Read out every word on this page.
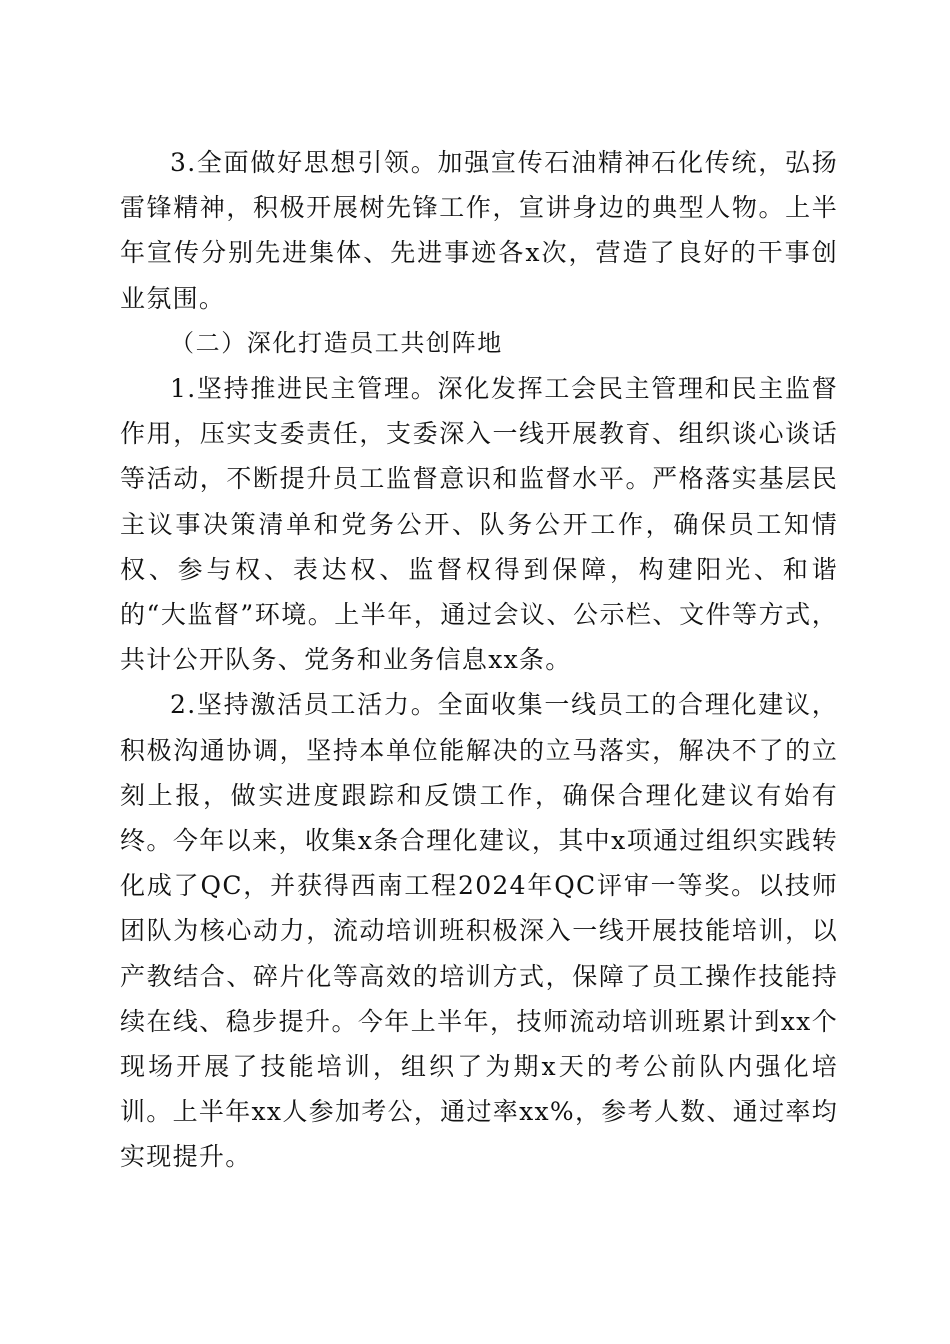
3.全面做好思想引领。加强宣传石油精神石化传统，弘扬雷锋精神，积极开展树先锋工作，宣讲身边的典型人物。上半年宣传分别先进集体、先进事迹各x次，营造了良好的干事创业氛围。

（二）深化打造员工共创阵地

1.坚持推进民主管理。深化发挥工会民主管理和民主监督作用，压实支委责任，支委深入一线开展教育、组织谈心谈话等活动，不断提升员工监督意识和监督水平。严格落实基层民主议事决策清单和党务公开、队务公开工作，确保员工知情权、参与权、表达权、监督权得到保障，构建阳光、和谐的“大监督”环境。上半年，通过会议、公示栏、文件等方式，共计公开队务、党务和业务信息xx条。

2.坚持激活员工活力。全面收集一线员工的合理化建议，积极沟通协调，坚持本单位能解决的立马落实，解决不了的立刻上报，做实进度跟踪和反馈工作，确保合理化建议有始有终。今年以来，收集x条合理化建议，其中x项通过组织实践转化成了QC，并获得西南工程2024年QC评审一等奖。以技师团队为核心动力，流动培训班积极深入一线开展技能培训，以产教结合、碎片化等高效的培训方式，保障了员工操作技能持续在线、稳步提升。今年上半年，技师流动培训班累计到xx个现场开展了技能培训，组织了为期x天的考公前队内强化培训。上半年xx人参加考公，通过率xx%，参考人数、通过率均实现提升。
